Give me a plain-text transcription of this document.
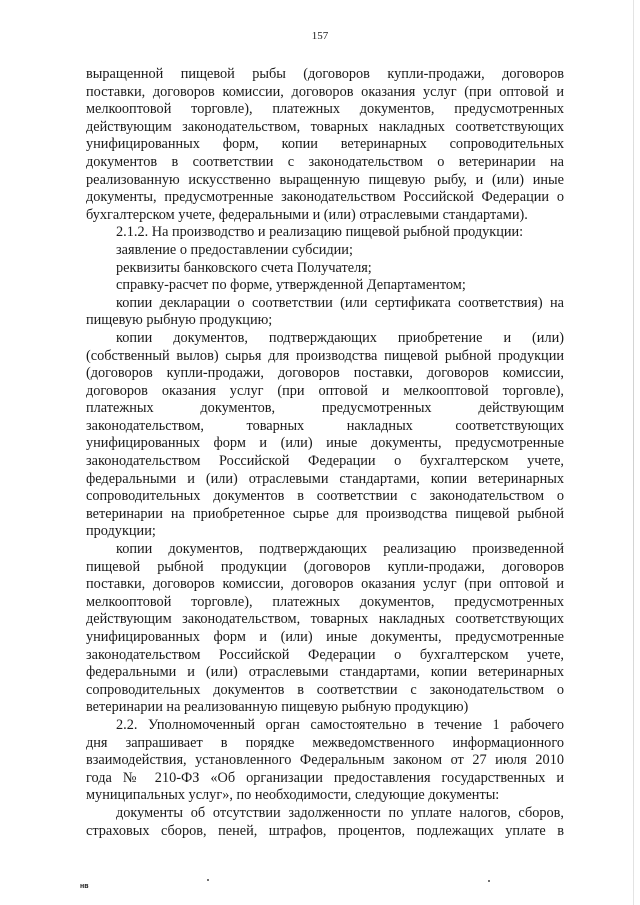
157

выращенной пищевой рыбы (договоров купли-продажи, договоров

поставки, договоров комиссии, договоров оказания услуг (при оптовой и

мелкооптовой торговле), платежных документов, предусмотренных

действующим законодательством, товарных накладных соответствующих

унифицированных форм, копии ветеринарных сопроводительных

документов в соответствии с законодательством о ветеринарии на

реализованную искусственно выращенную пищевую рыбу, и (или) иные

документы, предусмотренные законодательством Российской Федерации о

бухгалтерском учете, федеральными и (или) отраслевыми стандартами).

2.1.2. На производство и реализацию пищевой рыбной продукции:

заявление о предоставлении субсидии;

реквизиты банковского счета Получателя;

справку-расчет по форме, утвержденной Департаментом;

копии декларации о соответствии (или сертификата соответствия) на

пищевую рыбную продукцию;

копии документов, подтверждающих приобретение и (или)

(собственный вылов) сырья для производства пищевой рыбной продукции

(договоров купли-продажи, договоров поставки, договоров комиссии,

договоров оказания услуг (при оптовой и мелкооптовой торговле),

платежных документов, предусмотренных действующим

законодательством, товарных накладных соответствующих

унифицированных форм и (или) иные документы, предусмотренные

законодательством Российской Федерации о бухгалтерском учете,

федеральными и (или) отраслевыми стандартами, копии ветеринарных

сопроводительных документов в соответствии с законодательством о

ветеринарии на приобретенное сырье для производства пищевой рыбной

продукции;

копии документов, подтверждающих реализацию произведенной

пищевой рыбной продукции (договоров купли-продажи, договоров

поставки, договоров комиссии, договоров оказания услуг (при оптовой и

мелкооптовой торговле), платежных документов, предусмотренных

действующим законодательством, товарных накладных соответствующих

унифицированных форм и (или) иные документы, предусмотренные

законодательством Российской Федерации о бухгалтерском учете,

федеральными и (или) отраслевыми стандартами, копии ветеринарных

сопроводительных документов в соответствии с законодательством о

ветеринарии на реализованную пищевую рыбную продукцию)

2.2. Уполномоченный орган самостоятельно в течение 1 рабочего

дня запрашивает в порядке межведомственного информационного

взаимодействия, установленного Федеральным законом от 27 июля 2010

года № 210-ФЗ «Об организации предоставления государственных и

муниципальных услуг», по необходимости, следующие документы:

документы об отсутствии задолженности по уплате налогов, сборов,

страховых сборов, пеней, штрафов, процентов, подлежащих уплате в

нв
